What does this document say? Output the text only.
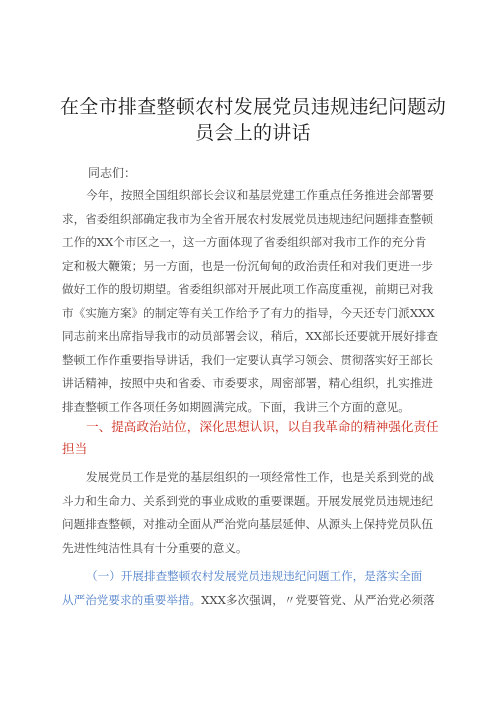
在全市排查整顿农村发展党员违规违纪问题动
员会上的讲话
同志们：
今年，按照全国组织部长会议和基层党建工作重点任务推进会部署要
求，省委组织部确定我市为全省开展农村发展党员违规违纪问题排查整顿
工作的XX个市区之一，这一方面体现了省委组织部对我市工作的充分肯
定和极大鞭策；另一方面，也是一份沉甸甸的政治责任和对我们更进一步
做好工作的殷切期望。省委组织部对开展此项工作高度重视，前期已对我
市《实施方案》的制定等有关工作给予了有力的指导，今天还专门派XXX
同志前来出席指导我市的动员部署会议，稍后，XX部长还要就开展好排查
整顿工作作重要指导讲话，我们一定要认真学习领会、贯彻落实好王部长
讲话精神，按照中央和省委、市委要求，周密部署，精心组织，扎实推进
排查整顿工作各项任务如期圆满完成。下面，我讲三个方面的意见。
一、提高政治站位，深化思想认识，以自我革命的精神强化责任
担当
发展党员工作是党的基层组织的一项经常性工作，也是关系到党的战
斗力和生命力、关系到党的事业成败的重要课题。开展发展党员违规违纪
问题排查整顿，对推动全面从严治党向基层延伸、从源头上保持党员队伍
先进性纯洁性具有十分重要的意义。
（一）开展排查整顿农村发展党员违规违纪问题工作，是落实全面
从严治党要求的重要举措。XXX多次强调，〃党要管党、从严治党必须落
